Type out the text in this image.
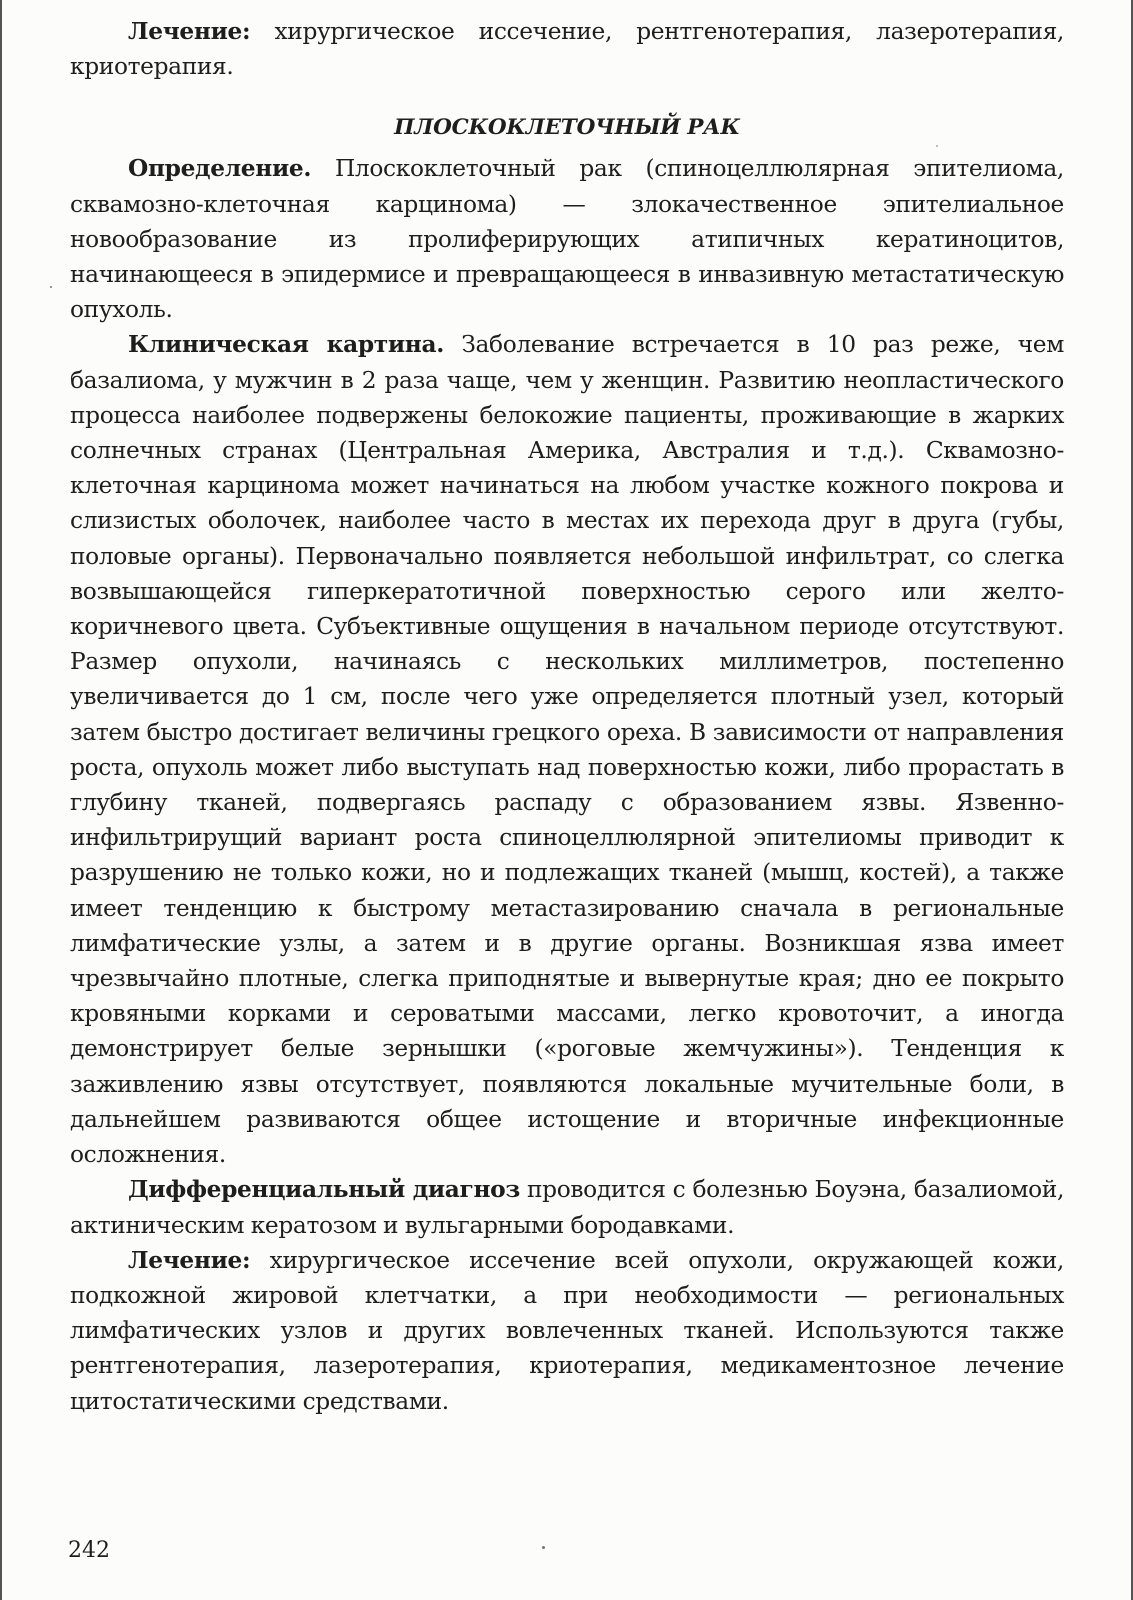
Лечение: хирургическое иссечение, рентгенотерапия, лазеротерапия, криотерапия.

ПЛОСКОКЛЕТОЧНЫЙ РАК

Определение. Плоскоклеточный рак (спиноцеллюлярная эпителиома, сквамозно-клеточная карцинома) — злокачественное эпителиальное новообразование из пролиферирующих атипичных кератиноцитов, начинающееся в эпидермисе и превращающееся в инвазивную метастатическую опухоль.

Клиническая картина. Заболевание встречается в 10 раз реже, чем базалиома, у мужчин в 2 раза чаще, чем у женщин. Развитию неопластического процесса наиболее подвержены белокожие пациенты, проживающие в жарких солнечных странах (Центральная Америка, Австралия и т.д.). Сквамозно-клеточная карцинома может начинаться на любом участке кожного покрова и слизистых оболочек, наиболее часто в местах их перехода друг в друга (губы, половые органы). Первоначально появляется небольшой инфильтрат, со слегка возвышающейся гиперкератотичной поверхностью серого или желто-коричневого цвета. Субъективные ощущения в начальном периоде отсутствуют. Размер опухоли, начинаясь с нескольких миллиметров, постепенно увеличивается до 1 см, после чего уже определяется плотный узел, который затем быстро достигает величины грецкого ореха. В зависимости от направления роста, опухоль может либо выступать над поверхностью кожи, либо прорастать в глубину тканей, подвергаясь распаду с образованием язвы. Язвенно-инфильтрирущий вариант роста спиноцеллюлярной эпителиомы приводит к разрушению не только кожи, но и подлежащих тканей (мышц, костей), а также имеет тенденцию к быстрому метастазированию сначала в региональные лимфатические узлы, а затем и в другие органы. Возникшая язва имеет чрезвычайно плотные, слегка приподнятые и вывернутые края; дно ее покрыто кровяными корками и сероватыми массами, легко кровоточит, а иногда демонстрирует белые зернышки («роговые жемчужины»). Тенденция к заживлению язвы отсутствует, появляются локальные мучительные боли, в дальнейшем развиваются общее истощение и вторичные инфекционные осложнения.

Дифференциальный диагноз проводится с болезнью Боуэна, базалиомой, актиническим кератозом и вульгарными бородавками.

Лечение: хирургическое иссечение всей опухоли, окружающей кожи, подкожной жировой клетчатки, а при необходимости — региональных лимфатических узлов и других вовлеченных тканей. Используются также рентгенотерапия, лазеротерапия, криотерапия, медикаментозное лечение цитостатическими средствами.

242
